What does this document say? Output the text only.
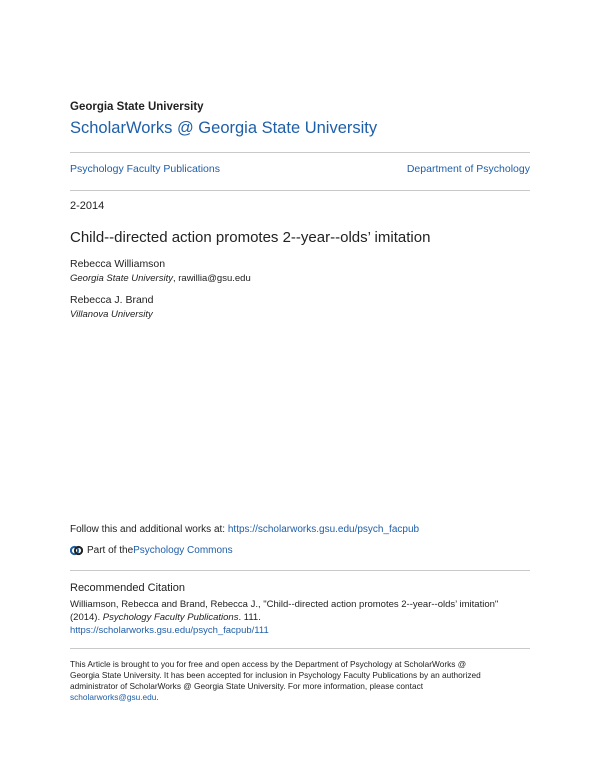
Georgia State University
ScholarWorks @ Georgia State University
Psychology Faculty Publications	Department of Psychology
2-2014
Child--directed action promotes 2--year--olds’ imitation
Rebecca Williamson
Georgia State University, rawillia@gsu.edu
Rebecca J. Brand
Villanova University
Follow this and additional works at: https://scholarworks.gsu.edu/psych_facpub
Part of the Psychology Commons
Recommended Citation
Williamson, Rebecca and Brand, Rebecca J., "Child--directed action promotes 2--year--olds’ imitation"
(2014). Psychology Faculty Publications. 111.
https://scholarworks.gsu.edu/psych_facpub/111
This Article is brought to you for free and open access by the Department of Psychology at ScholarWorks @
Georgia State University. It has been accepted for inclusion in Psychology Faculty Publications by an authorized
administrator of ScholarWorks @ Georgia State University. For more information, please contact
scholarworks@gsu.edu.
